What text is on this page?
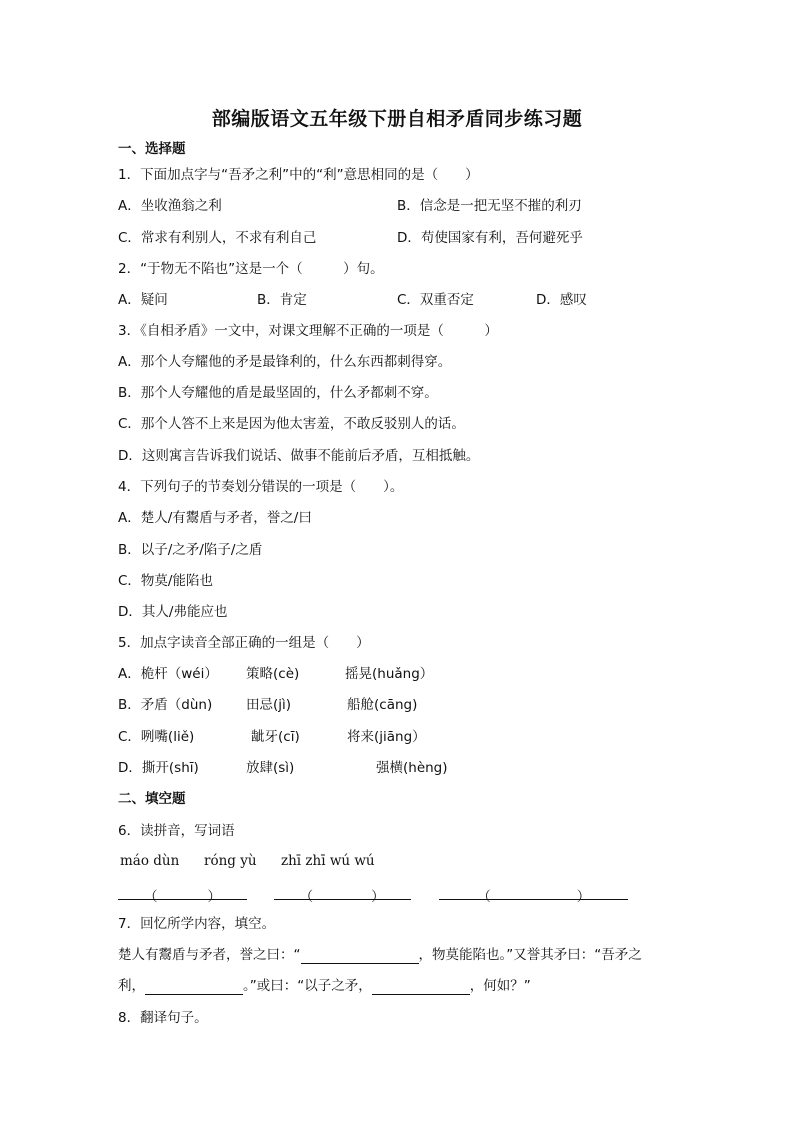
部编版语文五年级下册自相矛盾同步练习题
一、选择题
1．下面加点字与“吾矛之利”中的“利”意思相同的是（　　）
A．坐收渔翁之利	B．信念是一把无坚不摧的利刃
C．常求有利别人，不求有利自己	D．苟使国家有利，吾何避死乎
2．“于物无不陷也”这是一个（　　　）句。
A．疑问	B．肯定	C．双重否定	D．感叹
3．《自相矛盾》一文中，对课文理解不正确的一项是（　　　）
A．那个人夸耀他的矛是最锋利的，什么东西都刺得穿。
B．那个人夸耀他的盾是最坚固的，什么矛都刺不穿。
C．那个人答不上来是因为他太害羞，不敢反驳别人的话。
D．这则寓言告诉我们说话、做事不能前后矛盾，互相抵触。
4．下列句子的节奏划分错误的一项是（　　）。
A．楚人/有鬻盾与矛者，誉之/曰
B．以子/之矛/陷子/之盾
C．物莫/能陷也
D．其人/弗能应也
5．加点字读音全部正确的一组是（　　）
A．桅杆（wéi） 策略(cè)	摇晃(huǎng）
B．矛盾（dùn)	田忌(jì)	船舱(cāng)
C．咧嘴(liě)	龇牙(cī)	将来(jiāng）
D．撕开(shī)	放肆(sì)	强横(hèng)
二、填空题
6．读拼音，写词语
máo dùn róng yù zhī zhī wú wú
（	）	（	）	（	）
7．回忆所学内容，填空。
楚人有鬻盾与矛者，誉之曰：“	，物莫能陷也。”又誉其矛曰：“吾矛之
利，	。”或曰：“以子之矛，	，何如？”
8．翻译句子。
